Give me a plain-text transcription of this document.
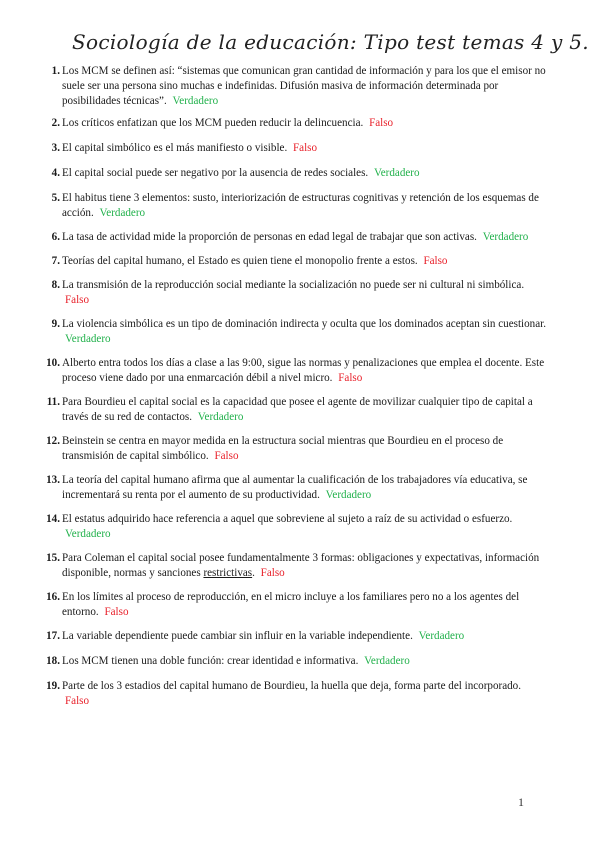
Sociología de la educación: Tipo test temas 4 y 5.
1. Los MCM se definen así: “sistemas que comunican gran cantidad de información y para los que el emisor no suele ser una persona sino muchas e indefinidas. Difusión masiva de información determinada por posibilidades técnicas”. Verdadero
2. Los críticos enfatizan que los MCM pueden reducir la delincuencia. Falso
3. El capital simbólico es el más manifiesto o visible. Falso
4. El capital social puede ser negativo por la ausencia de redes sociales. Verdadero
5. El habitus tiene 3 elementos: susto, interiorización de estructuras cognitivas y retención de los esquemas de acción. Verdadero
6. La tasa de actividad mide la proporción de personas en edad legal de trabajar que son activas. Verdadero
7. Teorías del capital humano, el Estado es quien tiene el monopolio frente a estos. Falso
8. La transmisión de la reproducción social mediante la socialización no puede ser ni cultural ni simbólica. Falso
9. La violencia simbólica es un tipo de dominación indirecta y oculta que los dominados aceptan sin cuestionar. Verdadero
10. Alberto entra todos los días a clase a las 9:00, sigue las normas y penalizaciones que emplea el docente. Este proceso viene dado por una enmarcación débil a nivel micro. Falso
11. Para Bourdieu el capital social es la capacidad que posee el agente de movilizar cualquier tipo de capital a través de su red de contactos. Verdadero
12. Beinstein se centra en mayor medida en la estructura social mientras que Bourdieu en el proceso de transmisión de capital simbólico. Falso
13. La teoría del capital humano afirma que al aumentar la cualificación de los trabajadores vía educativa, se incrementará su renta por el aumento de su productividad. Verdadero
14. El estatus adquirido hace referencia a aquel que sobreviene al sujeto a raíz de su actividad o esfuerzo. Verdadero
15. Para Coleman el capital social posee fundamentalmente 3 formas: obligaciones y expectativas, información disponible, normas y sanciones restrictivas. Falso
16. En los límites al proceso de reproducción, en el micro incluye a los familiares pero no a los agentes del entorno. Falso
17. La variable dependiente puede cambiar sin influir en la variable independiente. Verdadero
18. Los MCM tienen una doble función: crear identidad e informativa. Verdadero
19. Parte de los 3 estadios del capital humano de Bourdieu, la huella que deja, forma parte del incorporado. Falso
1
